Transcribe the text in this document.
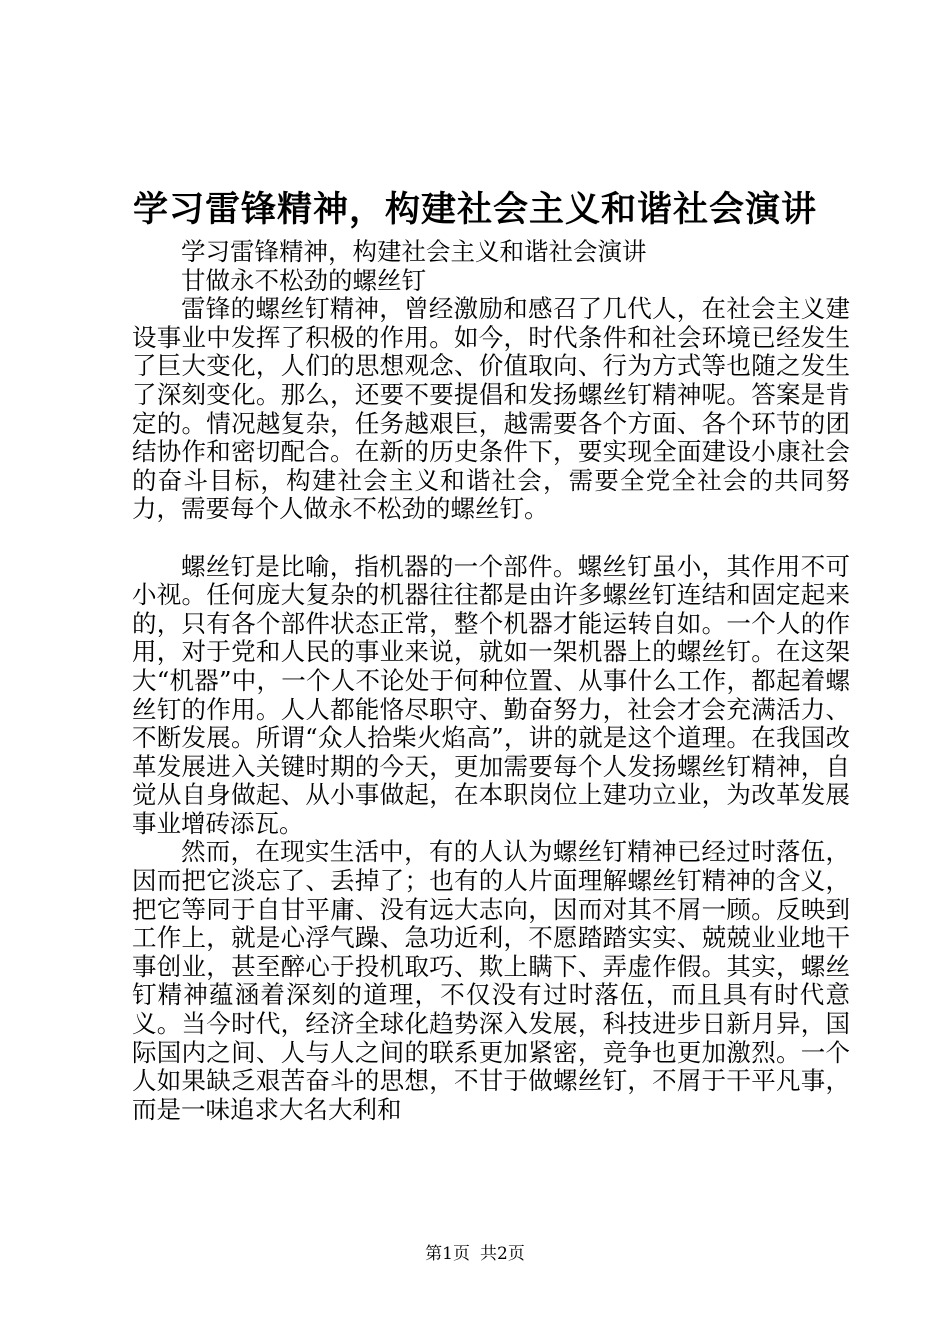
学习雷锋精神，构建社会主义和谐社会演讲

学习雷锋精神，构建社会主义和谐社会演讲

甘做永不松劲的螺丝钉

雷锋的螺丝钉精神，曾经激励和感召了几代人，在社会主义建设事业中发挥了积极的作用。如今，时代条件和社会环境已经发生了巨大变化，人们的思想观念、价值取向、行为方式等也随之发生了深刻变化。那么，还要不要提倡和发扬螺丝钉精神呢。答案是肯定的。情况越复杂，任务越艰巨，越需要各个方面、各个环节的团结协作和密切配合。在新的历史条件下，要实现全面建设小康社会的奋斗目标，构建社会主义和谐社会，需要全党全社会的共同努力，需要每个人做永不松劲的螺丝钉。

螺丝钉是比喻，指机器的一个部件。螺丝钉虽小，其作用不可小视。任何庞大复杂的机器往往都是由许多螺丝钉连结和固定起来的，只有各个部件状态正常，整个机器才能运转自如。一个人的作用，对于党和人民的事业来说，就如一架机器上的螺丝钉。在这架大“机器”中，一个人不论处于何种位置、从事什么工作，都起着螺丝钉的作用。人人都能恪尽职守、勤奋努力，社会才会充满活力、不断发展。所谓“众人拾柴火焰高”，讲的就是这个道理。在我国改革发展进入关键时期的今天，更加需要每个人发扬螺丝钉精神，自觉从自身做起、从小事做起，在本职岗位上建功立业，为改革发展事业增砖添瓦。

然而，在现实生活中，有的人认为螺丝钉精神已经过时落伍，因而把它淡忘了、丢掉了；也有的人片面理解螺丝钉精神的含义，把它等同于自甘平庸、没有远大志向，因而对其不屑一顾。反映到工作上，就是心浮气躁、急功近利，不愿踏踏实实、兢兢业业地干事创业，甚至醉心于投机取巧、欺上瞒下、弄虚作假。其实，螺丝钉精神蕴涵着深刻的道理，不仅没有过时落伍，而且具有时代意义。当今时代，经济全球化趋势深入发展，科技进步日新月异，国际国内之间、人与人之间的联系更加紧密，竞争也更加激烈。一个人如果缺乏艰苦奋斗的思想，不甘于做螺丝钉，不屑于干平凡事，而是一味追求大名大利和

第1页 共2页
